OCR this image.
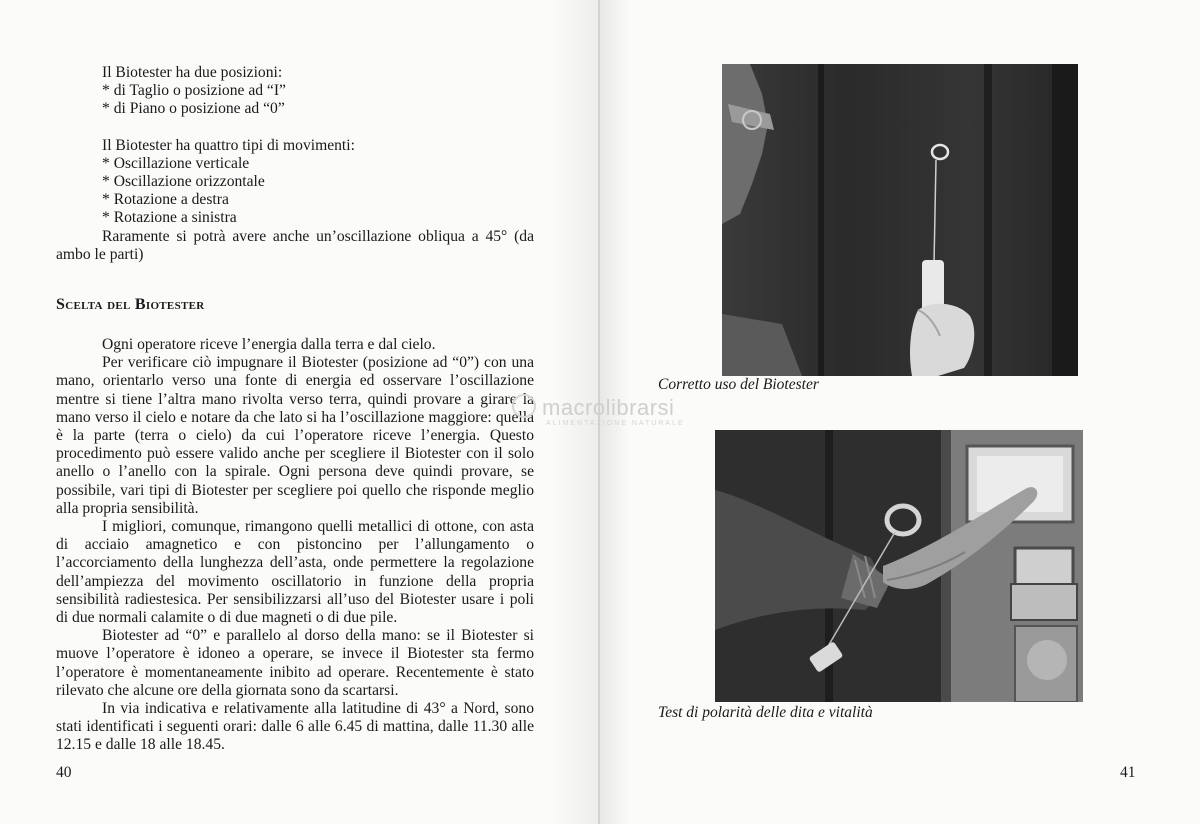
Il Biotester ha due posizioni:

* di Taglio o posizione ad “I”

* di Piano o posizione ad “0”

Il Biotester ha quattro tipi di movimenti:

* Oscillazione verticale

* Oscillazione orizzontale

* Rotazione a destra

* Rotazione a sinistra

Raramente si potrà avere anche un’oscillazione obliqua a 45° (da ambo le parti)

Scelta del Biotester

Ogni operatore riceve l’energia dalla terra e dal cielo.

Per verificare ciò impugnare il Biotester (posizione ad “0”) con una mano, orientarlo verso una fonte di energia ed osservare l’oscillazione mentre si tiene l’altra mano rivolta verso terra, quindi provare a girare la mano verso il cielo e notare da che lato si ha l’oscillazione maggiore: quella è la parte (terra o cielo) da cui l’operatore riceve l’energia. Questo procedimento può essere valido anche per scegliere il Biotester con il solo anello o l’anello con la spirale. Ogni persona deve quindi provare, se possibile, vari tipi di Biotester per scegliere poi quello che risponde meglio alla propria sensibilità.

I migliori, comunque, rimangono quelli metallici di ottone, con asta di acciaio amagnetico e con pistoncino per l’allungamento o l’accorciamento della lunghezza dell’asta, onde permettere la regolazione dell’ampiezza del movimento oscillatorio in funzione della propria sensibilità radiestesica. Per sensibilizzarsi all’uso del Biotester usare i poli di due normali calamite o di due magneti o di due pile.

Biotester ad “0” e parallelo al dorso della mano: se il Biotester si muove l’operatore è idoneo a operare, se invece il Biotester sta fermo l’operatore è momentaneamente inibito ad operare. Recentemente è stato rilevato che alcune ore della giornata sono da scartarsi.

In via indicativa e relativamente alla latitudine di 43° a Nord, sono stati identificati i seguenti orari: dalle 6 alle 6.45 di mattina, dalle 11.30 alle 12.15 e dalle 18 alle 18.45.

40

Corretto uso del Biotester

Test di polarità delle dita e vitalità

41
macrolibrarsi
ALIMENTAZIONE NATURALE
